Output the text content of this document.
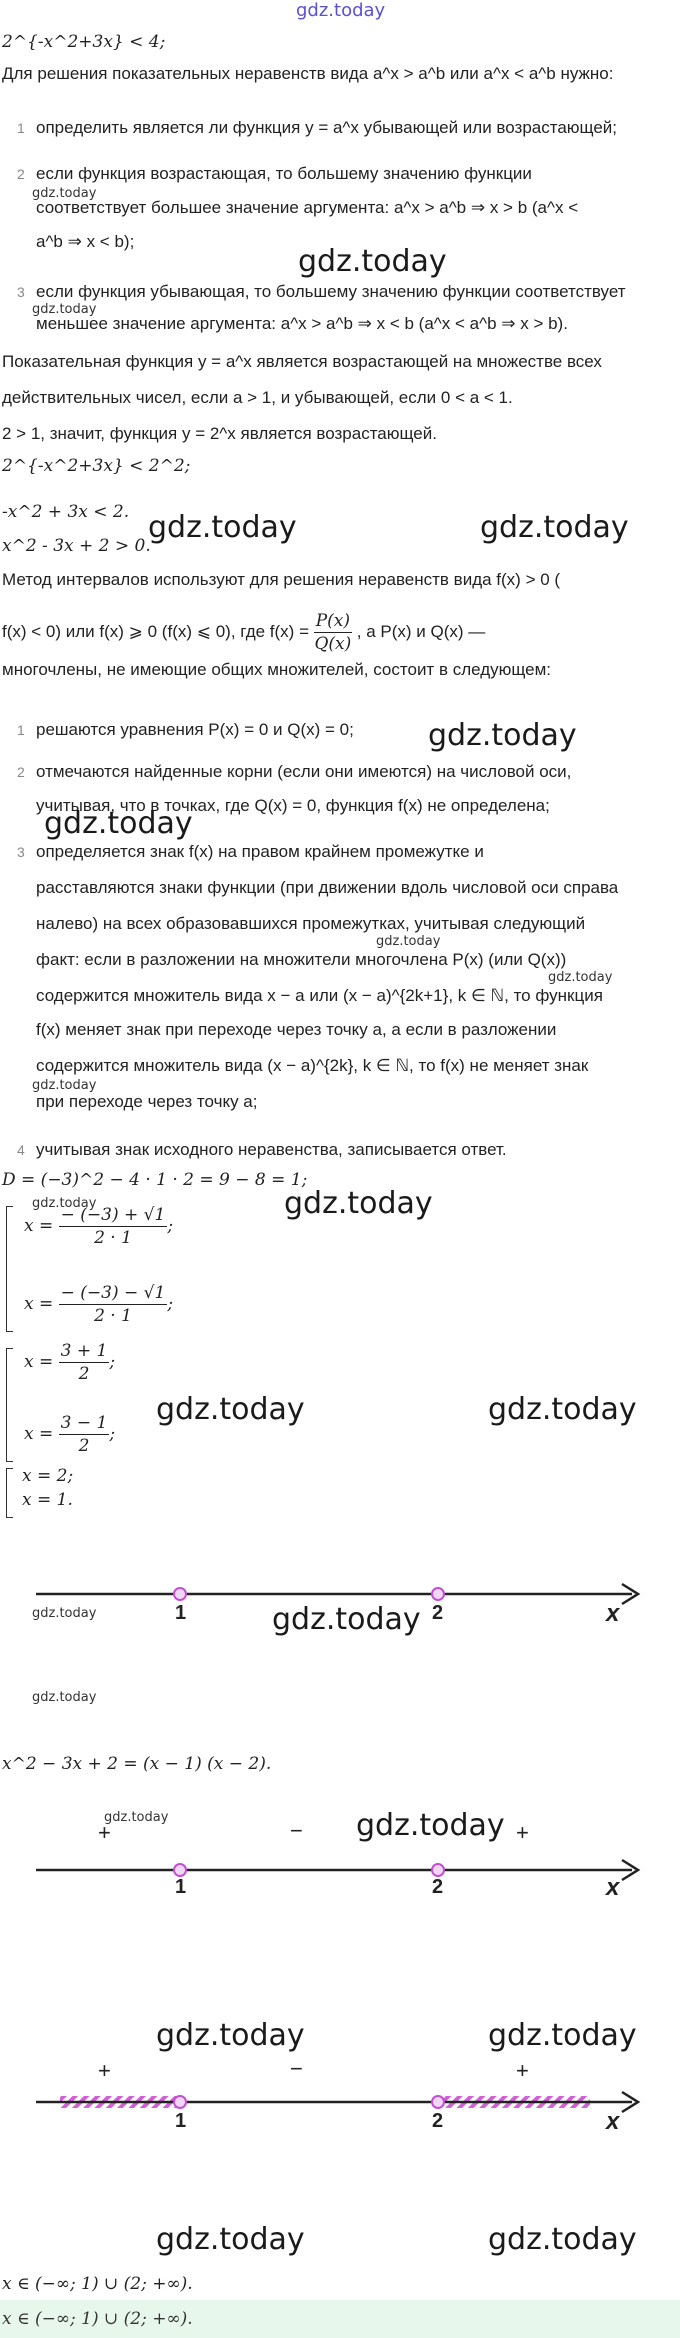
gdz.today
2^{-x^2+3x} < 4;
Для решения показательных неравенств вида a^x > a^b или a^x < a^b нужно:
1 определить является ли функция y = a^x убывающей или возрастающей;
2 если функция возрастающая, то большему значению функции
соответствует большее значение аргумента: a^x > a^b ⇒ x > b (a^x <
a^b ⇒ x < b);
3 если функция убывающая, то большему значению функции соответствует
меньшее значение аргумента: a^x > a^b ⇒ x < b (a^x < a^b ⇒ x > b).
Показательная функция y = a^x является возрастающей на множестве всех
действительных чисел, если a > 1, и убывающей, если 0 < a < 1.
2 > 1, значит, функция y = 2^x является возрастающей.
2^{-x^2+3x} < 2^2;
-x^2 + 3x < 2.
x^2 - 3x + 2 > 0.
Метод интервалов используют для решения неравенств вида f(x) > 0 (
f(x) < 0) или f(x) ⩾ 0 (f(x) ⩽ 0), где $f(x) = \frac{P(x)}{Q(x)}$ , а P(x) и Q(x) —
многочлены, не имеющие общих множителей, состоит в следующем:
1 решаются уравнения P(x) = 0 и Q(x) = 0;
2 отмечаются найденные корни (если они имеются) на числовой оси,
учитывая, что в точках, где Q(x) = 0, функция f(x) не определена;
3 определяется знак f(x) на правом крайнем промежутке и
расставляются знаки функции (при движении вдоль числовой оси справа
налево) на всех образовавшихся промежутках, учитывая следующий
факт: если в разложении на множители многочлена P(x) (или Q(x))
содержится множитель вида x − a или (x − a)^{2k+1}, k ∈ ℕ, то функция
f(x) меняет знак при переходе через точку a, а если в разложении
содержится множитель вида (x − a)^{2k}, k ∈ ℕ, то f(x) не меняет знак
при переходе через точку a;
4 учитывая знак исходного неравенства, записывается ответ.
D = (−3)^2 − 4 · 1 · 2 = 9 − 8 = 1;
$x = \frac{- (-3) + √1}{2 \cdot 1}$ ;
$x = \frac{- (-3) - √1}{2 \cdot 1}$ ;
$x = \frac{3 + 1}{2}$ ;
$x = \frac{3 - 1}{2}$ ;
x = 2;
x = 1.
1	2	x
x^2 − 3x + 2 = (x − 1) (x − 2).
+	−	+
1	2	x
+	−	+
1	2	x
x ∈ (−∞; 1) ∪ (2; +∞).
x ∈ (−∞; 1) ∪ (2; +∞).
gdz.today
gdz.today	gdz.today
gdz.today
gdz.today
gdz.today
gdz.today	gdz.today
gdz.today
gdz.today
gdz.today	gdz.today
gdz.today	gdz.today
gdz.today
gdz.today
gdz.today
gdz.today
gdz.today
gdz.today
gdz.today
gdz.today
gdz.today
